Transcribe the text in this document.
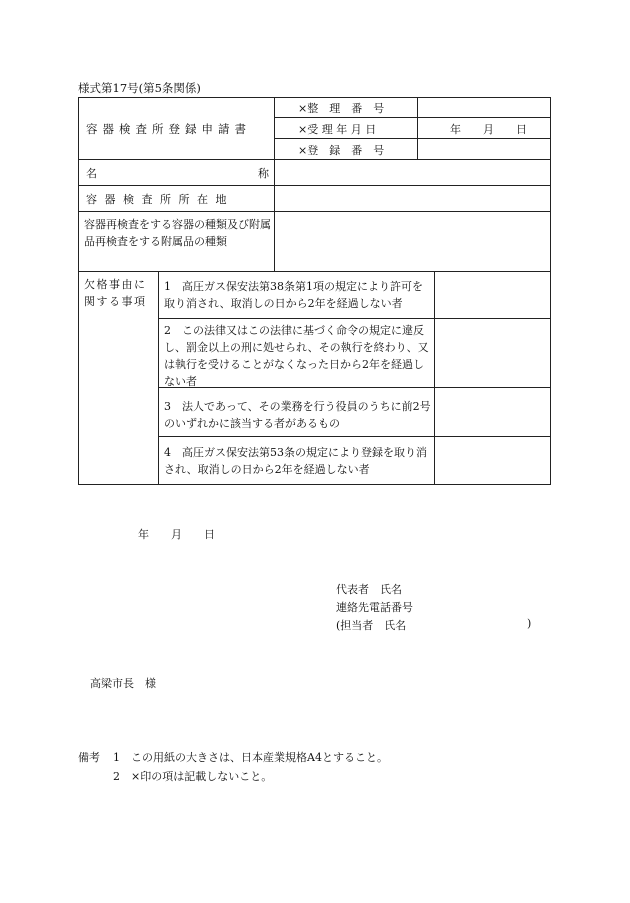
様式第17号(第5条関係)
容器検査所登録申請書
×整　理　番　号
×受 理 年 月 日
×登　録　番　号
年　　月　　日
名	称
容器検査所所在地
容器再検査をする容器の種類及び附属品再検査をする附属品の種類
欠格事由に関する事項
1　高圧ガス保安法第38条第1項の規定により許可を取り消され、取消しの日から2年を経過しない者
2　この法律又はこの法律に基づく命令の規定に違反し、罰金以上の刑に処せられ、その執行を終わり、又は執行を受けることがなくなった日から2年を経過しない者
3　法人であって、その業務を行う役員のうちに前2号のいずれかに該当する者があるもの
4　高圧ガス保安法第53条の規定により登録を取り消され、取消しの日から2年を経過しない者
年　　月　　日
代表者　氏名
連絡先電話番号
(担当者　氏名	)
高梁市長　様
備考 1　この用紙の大きさは、日本産業規格A4とすること。
2　×印の項は記載しないこと。
